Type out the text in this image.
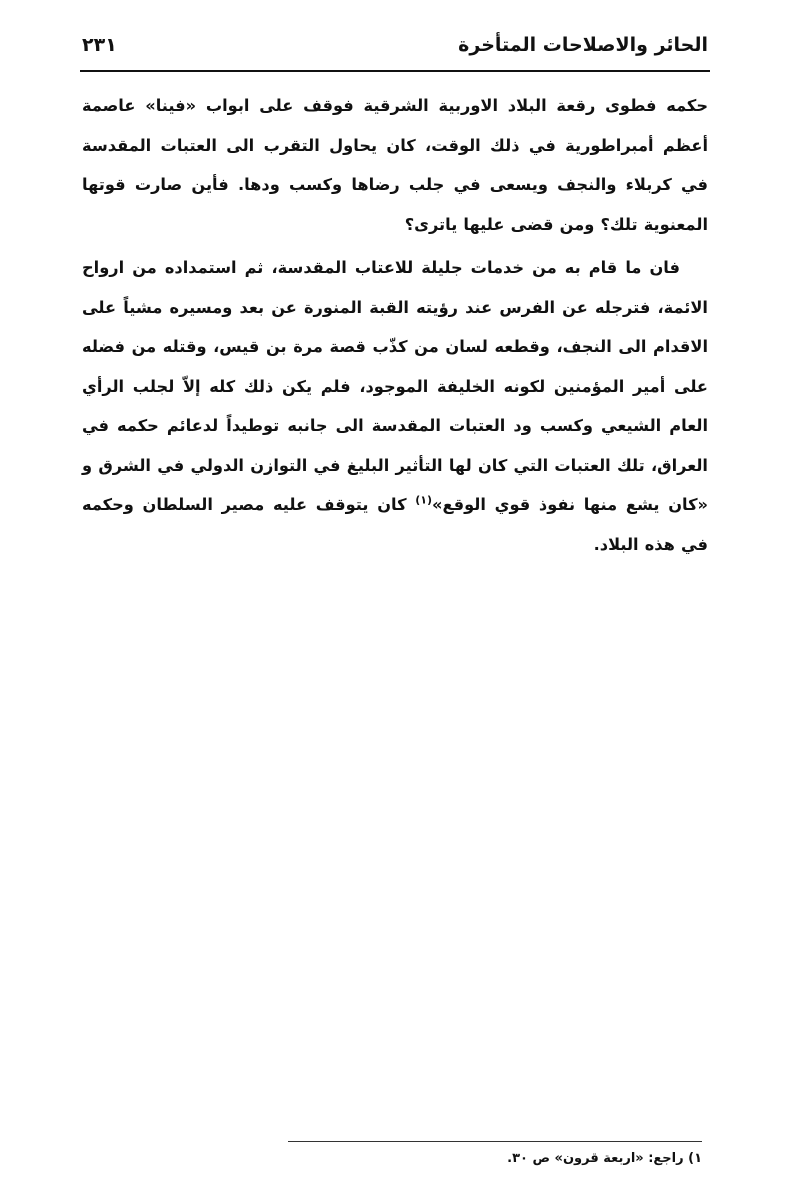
الحائر والاصلاحات المتأخرة
٢٣١

حكمه فطوى رقعة البلاد الاوربية الشرقية فوقف على ابواب «فينا» عاصمة أعظم أمبراطورية في ذلك الوقت، كان يحاول التقرب الى العتبات المقدسة في كربلاء والنجف ويسعى في جلب رضاها وكسب ودها. فأين صارت قوتها المعنوية تلك؟ ومن قضى عليها ياترى؟

فان ما قام به من خدمات جليلة للاعتاب المقدسة، ثم استمداده من ارواح الائمة، فترجله عن الفرس عند رؤيته القبة المنورة عن بعد ومسيره مشياً على الاقدام الى النجف، وقطعه لسان من كذّب قصة مرة بن قيس، وقتله من فضله على أمير المؤمنين لكونه الخليفة الموجود، فلم يكن ذلك كله إلاّ لجلب الرأي العام الشيعي وكسب ود العتبات المقدسة الى جانبه توطيداً لدعائم حكمه في العراق، تلك العتبات التي كان لها التأثير البليغ في التوازن الدولي في الشرق و «كان يشع منها نفوذ قوي الوقع»$^{(١)}$ كان يتوقف عليه مصير السلطان وحكمه في هذه البلاد.

١) راجع: «اربعة قرون» ص ٣٠.
